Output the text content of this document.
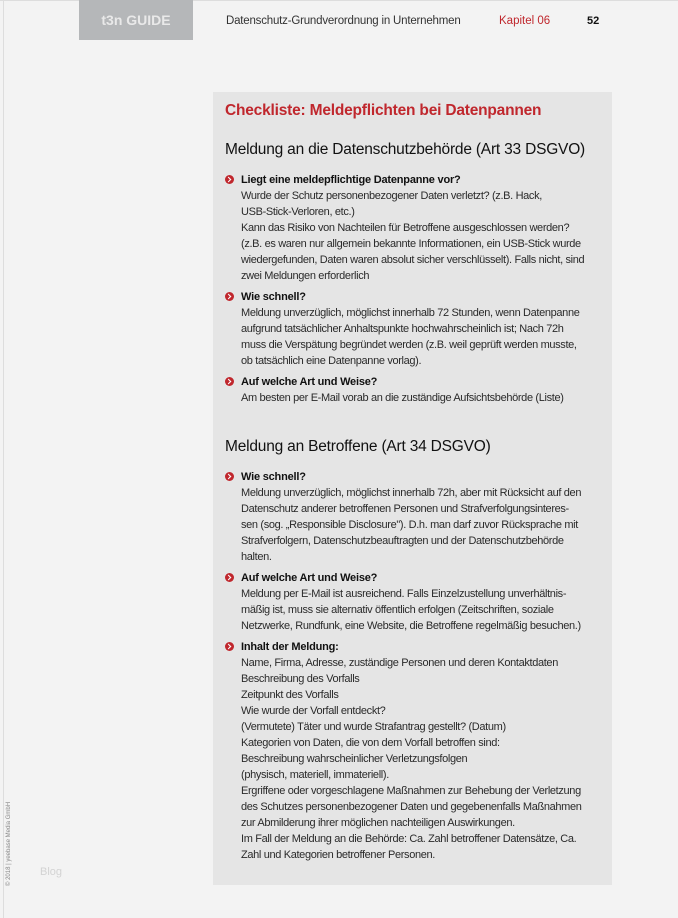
t3n GUIDE	Datenschutz-Grundverordnung in Unternehmen	Kapitel 06	52
Checkliste: Meldepflichten bei Datenpannen
Meldung an die Datenschutzbehörde (Art 33 DSGVO)
Liegt eine meldepflichtige Datenpanne vor?
Wurde der Schutz personenbezogener Daten verletzt? (z.B. Hack,
USB-Stick-Verloren, etc.)
Kann das Risiko von Nachteilen für Betroffene ausgeschlossen werden?
(z.B. es waren nur allgemein bekannte Informationen, ein USB-Stick wurde
wiedergefunden, Daten waren absolut sicher verschlüsselt). Falls nicht, sind
zwei Meldungen erforderlich
Wie schnell?
Meldung unverzüglich, möglichst innerhalb 72 Stunden, wenn Datenpanne
aufgrund tatsächlicher Anhaltspunkte hochwahrscheinlich ist; Nach 72h
muss die Verspätung begründet werden (z.B. weil geprüft werden musste,
ob tatsächlich eine Datenpanne vorlag).
Auf welche Art und Weise?
Am besten per E-Mail vorab an die zuständige Aufsichtsbehörde (Liste)
Meldung an Betroffene (Art 34 DSGVO)
Wie schnell?
Meldung unverzüglich, möglichst innerhalb 72h, aber mit Rücksicht auf den
Datenschutz anderer betroffenen Personen und Strafverfolgungsinteres-
sen (sog. „Responsible Disclosure"). D.h. man darf zuvor Rücksprache mit
Strafverfolgern, Datenschutzbeauftragten und der Datenschutzbehörde
halten.
Auf welche Art und Weise?
Meldung per E-Mail ist ausreichend. Falls Einzelzustellung unverhältnis-
mäßig ist, muss sie alternativ öffentlich erfolgen (Zeitschriften, soziale
Netzwerke, Rundfunk, eine Website, die Betroffene regelmäßig besuchen.)
Inhalt der Meldung:
Name, Firma, Adresse, zuständige Personen und deren Kontaktdaten
Beschreibung des Vorfalls
Zeitpunkt des Vorfalls
Wie wurde der Vorfall entdeckt?
(Vermutete) Täter und wurde Strafantrag gestellt? (Datum)
Kategorien von Daten, die von dem Vorfall betroffen sind:
Beschreibung wahrscheinlicher Verletzungsfolgen
(physisch, materiell, immateriell).
Ergriffene oder vorgeschlagene Maßnahmen zur Behebung der Verletzung
des Schutzes personenbezogener Daten und gegebenenfalls Maßnahmen
zur Abmilderung ihrer möglichen nachteiligen Auswirkungen.
Im Fall der Meldung an die Behörde: Ca. Zahl betroffener Datensätze, Ca.
Zahl und Kategorien betroffener Personen.
© 2018 | yeebase Media GmbH	Blog
